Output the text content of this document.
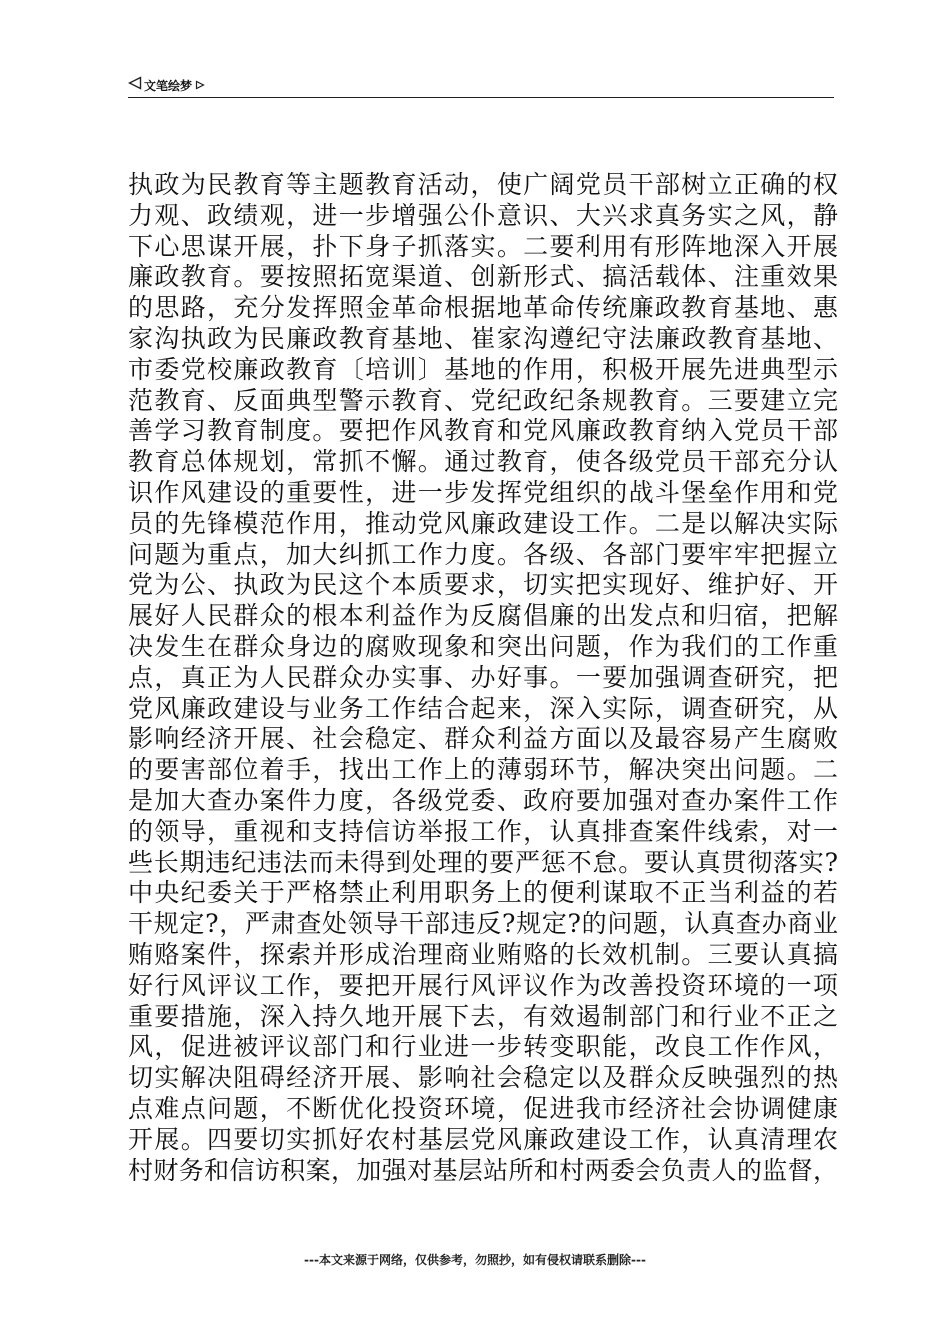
文笔绘梦
执政为民教育等主题教育活动，使广阔党员干部树立正确的权
力观、政绩观，进一步增强公仆意识、大兴求真务实之风，静
下心思谋开展，扑下身子抓落实。二要利用有形阵地深入开展
廉政教育。要按照拓宽渠道、创新形式、搞活载体、注重效果
的思路，充分发挥照金革命根据地革命传统廉政教育基地、惠
家沟执政为民廉政教育基地、崔家沟遵纪守法廉政教育基地、
市委党校廉政教育〔培训〕基地的作用，积极开展先进典型示
范教育、反面典型警示教育、党纪政纪条规教育。三要建立完
善学习教育制度。要把作风教育和党风廉政教育纳入党员干部
教育总体规划，常抓不懈。通过教育，使各级党员干部充分认
识作风建设的重要性，进一步发挥党组织的战斗堡垒作用和党
员的先锋模范作用，推动党风廉政建设工作。二是以解决实际
问题为重点，加大纠抓工作力度。各级、各部门要牢牢把握立
党为公、执政为民这个本质要求，切实把实现好、维护好、开
展好人民群众的根本利益作为反腐倡廉的出发点和归宿，把解
决发生在群众身边的腐败现象和突出问题，作为我们的工作重
点，真正为人民群众办实事、办好事。一要加强调查研究，把
党风廉政建设与业务工作结合起来，深入实际，调查研究，从
影响经济开展、社会稳定、群众利益方面以及最容易产生腐败
的要害部位着手，找出工作上的薄弱环节，解决突出问题。二
是加大查办案件力度，各级党委、政府要加强对查办案件工作
的领导，重视和支持信访举报工作，认真排查案件线索，对一
些长期违纪违法而未得到处理的要严惩不怠。要认真贯彻落实?
中央纪委关于严格禁止利用职务上的便利谋取不正当利益的若
干规定?，严肃查处领导干部违反?规定?的问题，认真查办商业
贿赂案件，探索并形成治理商业贿赂的长效机制。三要认真搞
好行风评议工作，要把开展行风评议作为改善投资环境的一项
重要措施，深入持久地开展下去，有效遏制部门和行业不正之
风，促进被评议部门和行业进一步转变职能，改良工作作风，
切实解决阻碍经济开展、影响社会稳定以及群众反映强烈的热
点难点问题，不断优化投资环境，促进我市经济社会协调健康
开展。四要切实抓好农村基层党风廉政建设工作，认真清理农
村财务和信访积案，加强对基层站所和村两委会负责人的监督，
---本文来源于网络，仅供参考，勿照抄，如有侵权请联系删除---
